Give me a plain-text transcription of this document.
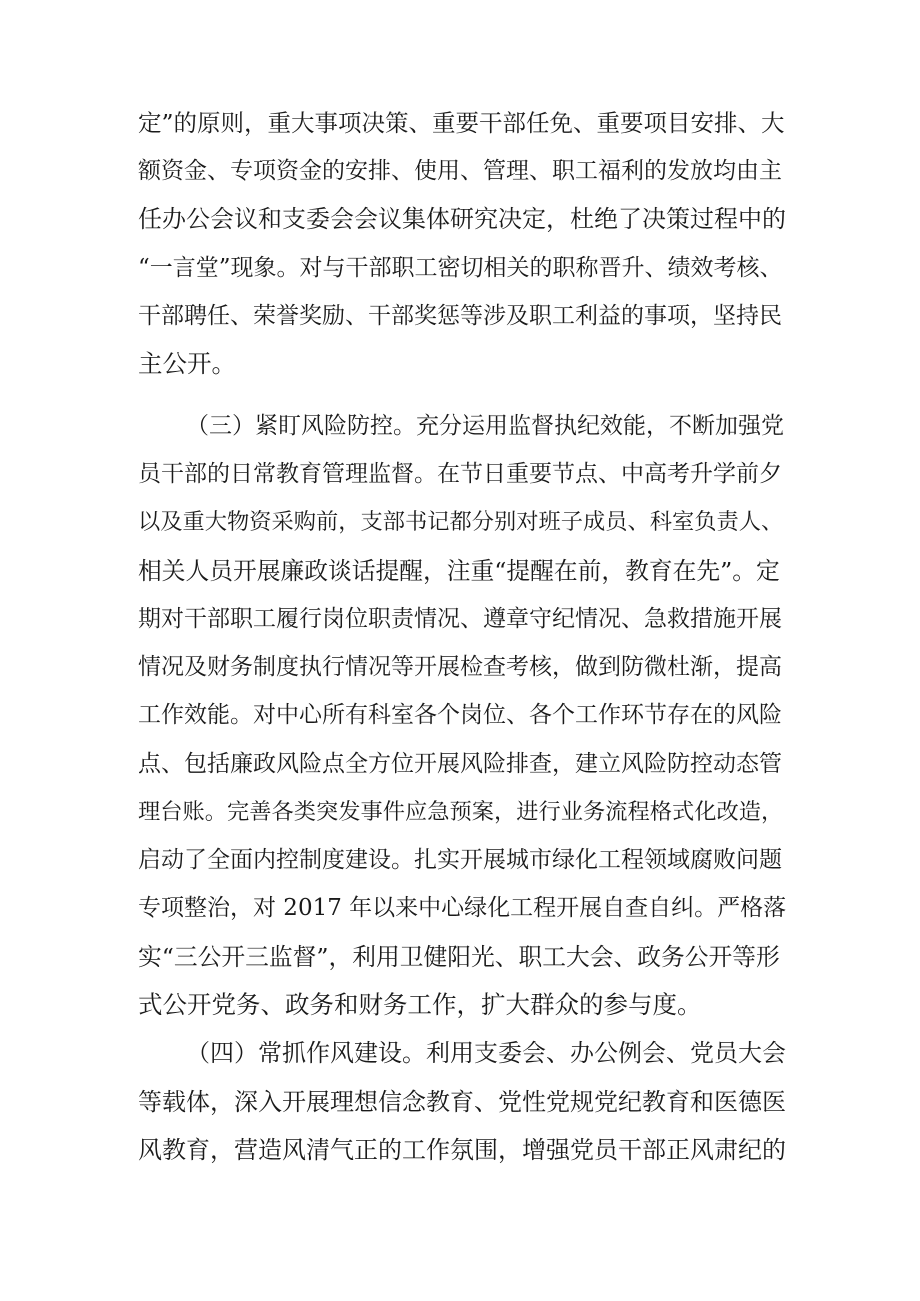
定”的原则，重大事项决策、重要干部任免、重要项目安排、大

额资金、专项资金的安排、使用、管理、职工福利的发放均由主

任办公会议和支委会会议集体研究决定，杜绝了决策过程中的

“一言堂”现象。对与干部职工密切相关的职称晋升、绩效考核、

干部聘任、荣誉奖励、干部奖惩等涉及职工利益的事项，坚持民

主公开。

（三）紧盯风险防控。充分运用监督执纪效能，不断加强党

员干部的日常教育管理监督。在节日重要节点、中高考升学前夕

以及重大物资采购前，支部书记都分别对班子成员、科室负责人、

相关人员开展廉政谈话提醒，注重“提醒在前，教育在先”。定

期对干部职工履行岗位职责情况、遵章守纪情况、急救措施开展

情况及财务制度执行情况等开展检查考核，做到防微杜渐，提高

工作效能。对中心所有科室各个岗位、各个工作环节存在的风险

点、包括廉政风险点全方位开展风险排查，建立风险防控动态管

理台账。完善各类突发事件应急预案，进行业务流程格式化改造，

启动了全面内控制度建设。扎实开展城市绿化工程领域腐败问题

专项整治，对 2017 年以来中心绿化工程开展自查自纠。严格落

实“三公开三监督”，利用卫健阳光、职工大会、政务公开等形

式公开党务、政务和财务工作，扩大群众的参与度。

（四）常抓作风建设。利用支委会、办公例会、党员大会

等载体，深入开展理想信念教育、党性党规党纪教育和医德医

风教育，营造风清气正的工作氛围，增强党员干部正风肃纪的
